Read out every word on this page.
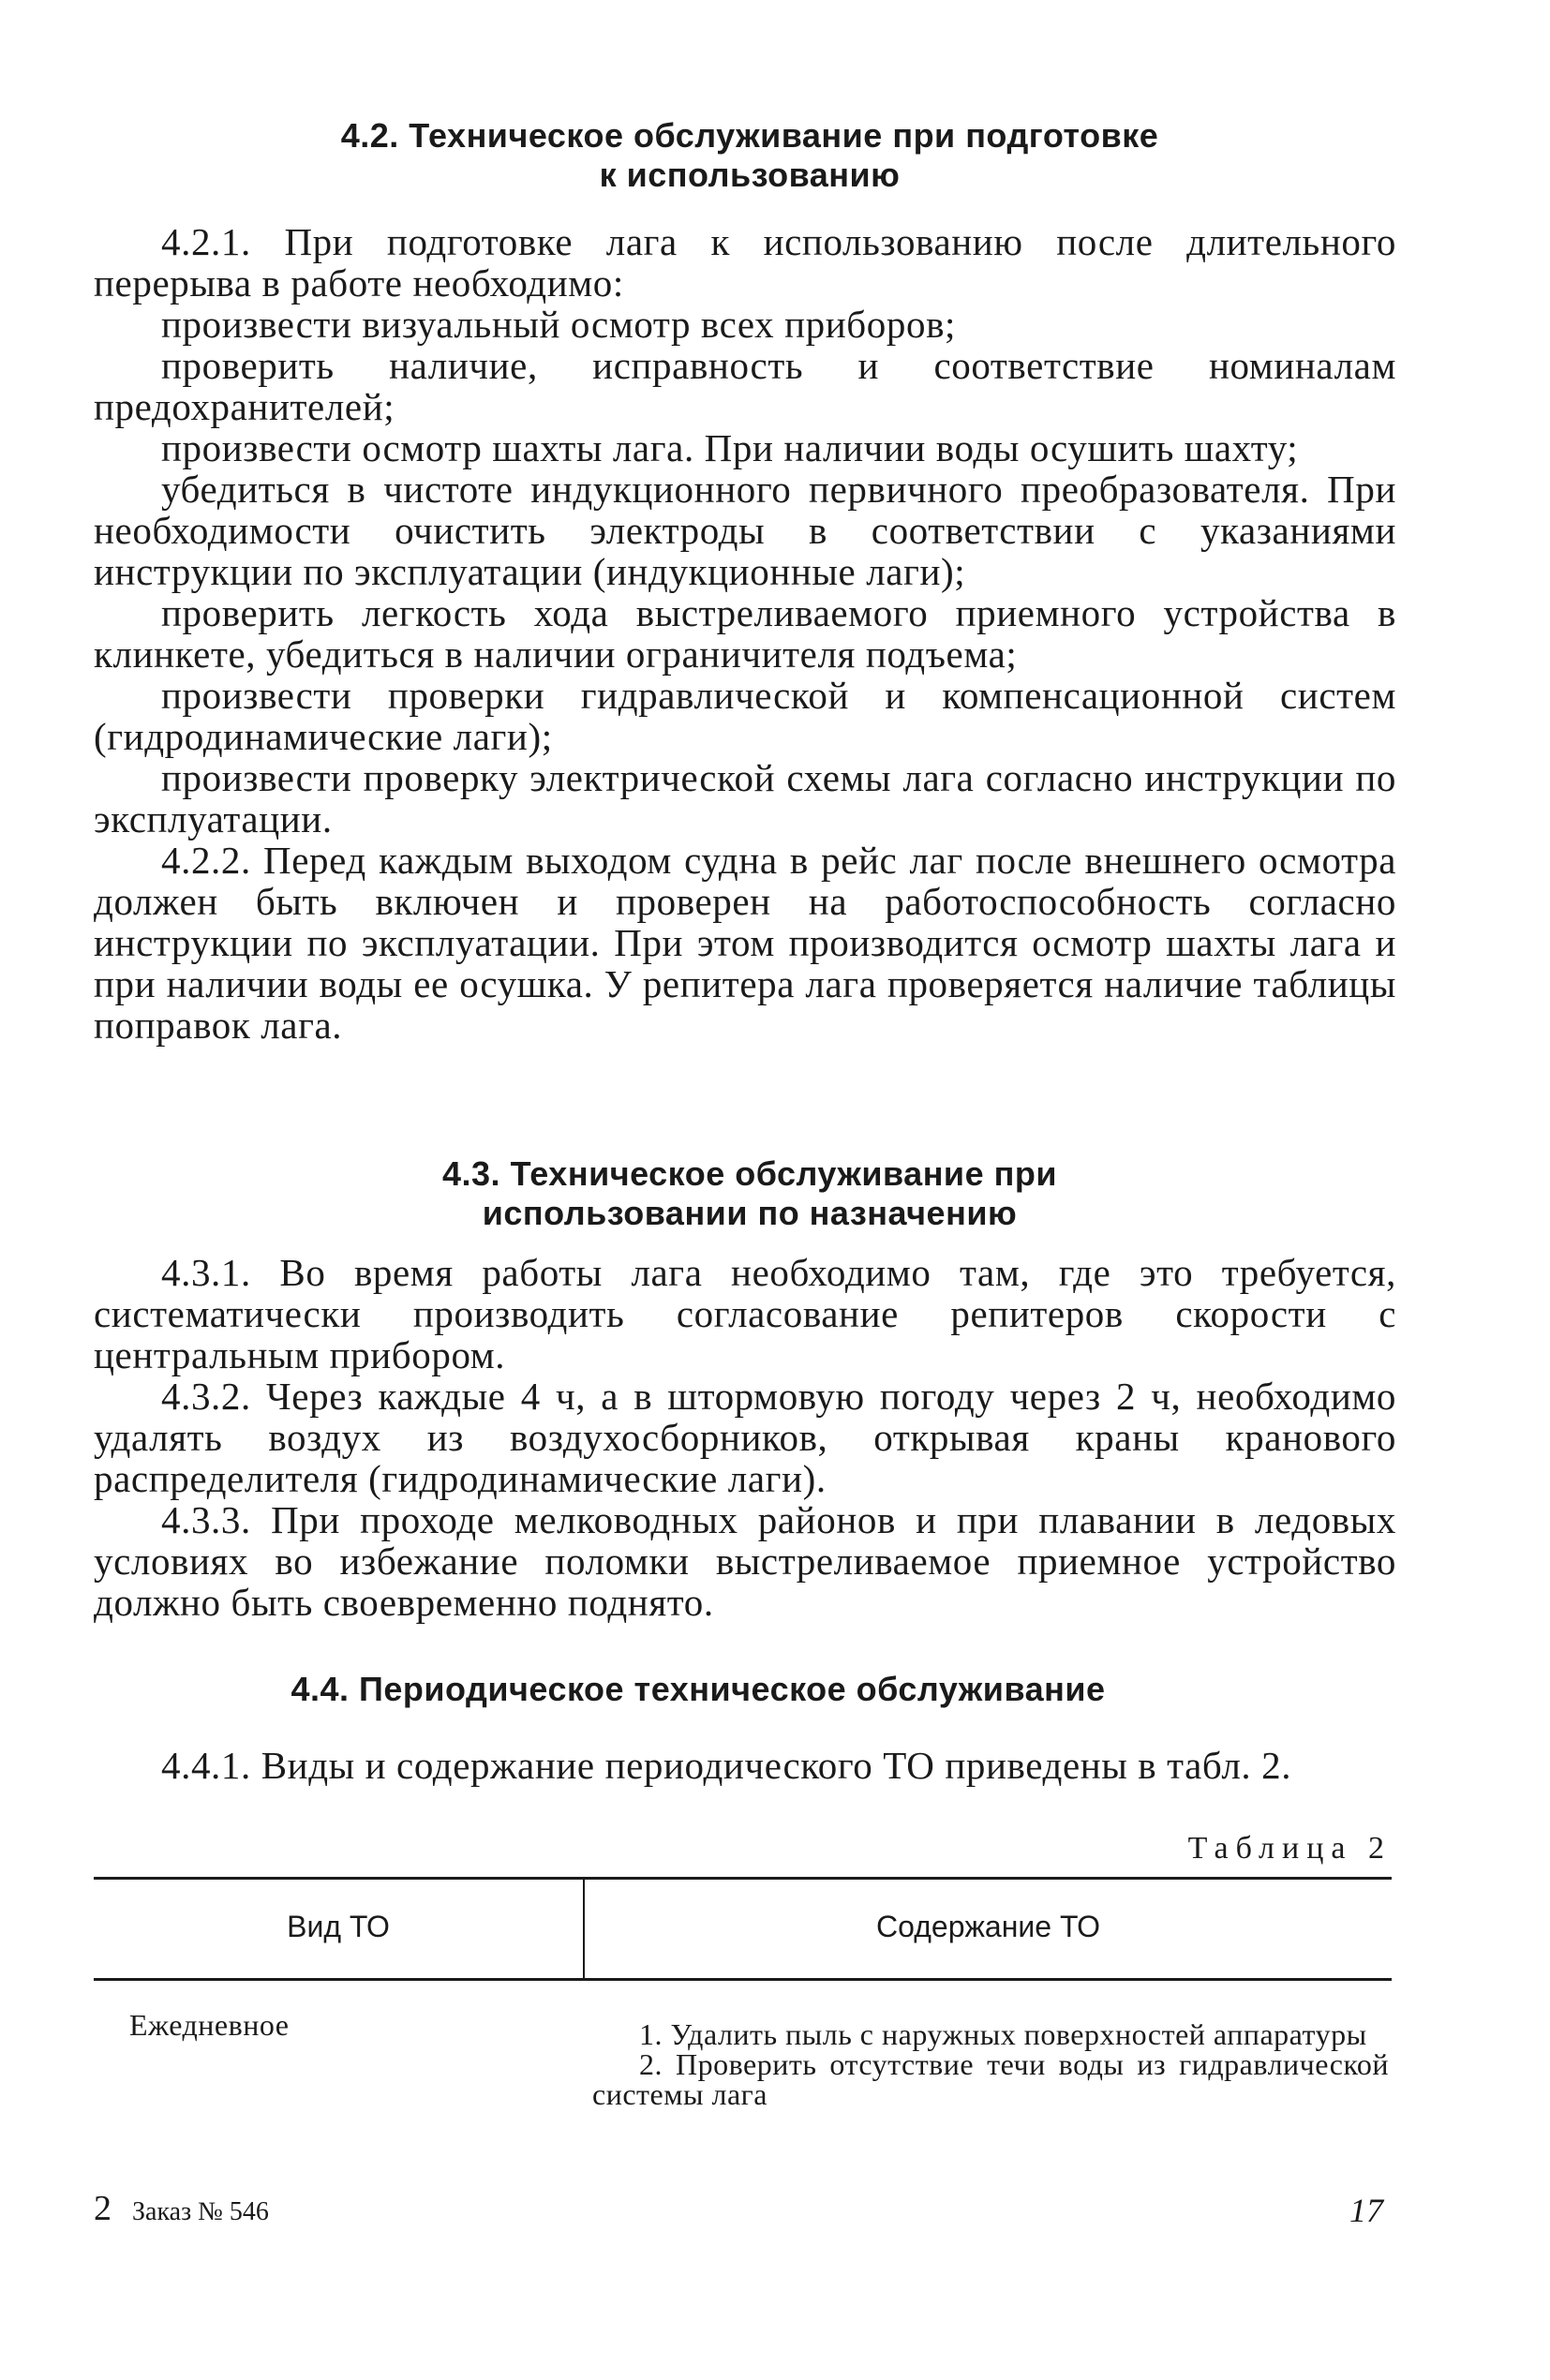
4.2. Техническое обслуживание при подготовке
к использованию

4.2.1. При подготовке лага к использованию после длительного перерыва в работе необходимо:

произвести визуальный осмотр всех приборов;

проверить наличие, исправность и соответствие номиналам предохранителей;

произвести осмотр шахты лага. При наличии воды осушить шахту;

убедиться в чистоте индукционного первичного преобразователя. При необходимости очистить электроды в соответствии с указаниями инструкции по эксплуатации (индукционные лаги);

проверить легкость хода выстреливаемого приемного устройства в клинкете, убедиться в наличии ограничителя подъема;

произвести проверки гидравлической и компенсационной систем (гидродинамические лаги);

произвести проверку электрической схемы лага согласно инструкции по эксплуатации.

4.2.2. Перед каждым выходом судна в рейс лаг после внешнего осмотра должен быть включен и проверен на работоспособность согласно инструкции по эксплуатации. При этом производится осмотр шахты лага и при наличии воды ее осушка. У репитера лага проверяется наличие таблицы поправок лага.

4.3. Техническое обслуживание при
использовании по назначению

4.3.1. Во время работы лага необходимо там, где это требуется, систематически производить согласование репитеров скорости с центральным прибором.

4.3.2. Через каждые 4 ч, а в штормовую погоду через 2 ч, необходимо удалять воздух из воздухосборников, открывая краны кранового распределителя (гидродинамические лаги).

4.3.3. При проходе мелководных районов и при плавании в ледовых условиях во избежание поломки выстреливаемое приемное устройство должно быть своевременно поднято.

4.4. Периодическое техническое обслуживание

4.4.1. Виды и содержание периодического ТО приведены в табл. 2.

Таблица 2
Вид ТО	Содержание ТО
Ежедневное	1. Удалить пыль с наружных поверхностей аппаратуры

2. Проверить отсутствие течи воды из гидравлической системы лага

2 Заказ № 546	17
